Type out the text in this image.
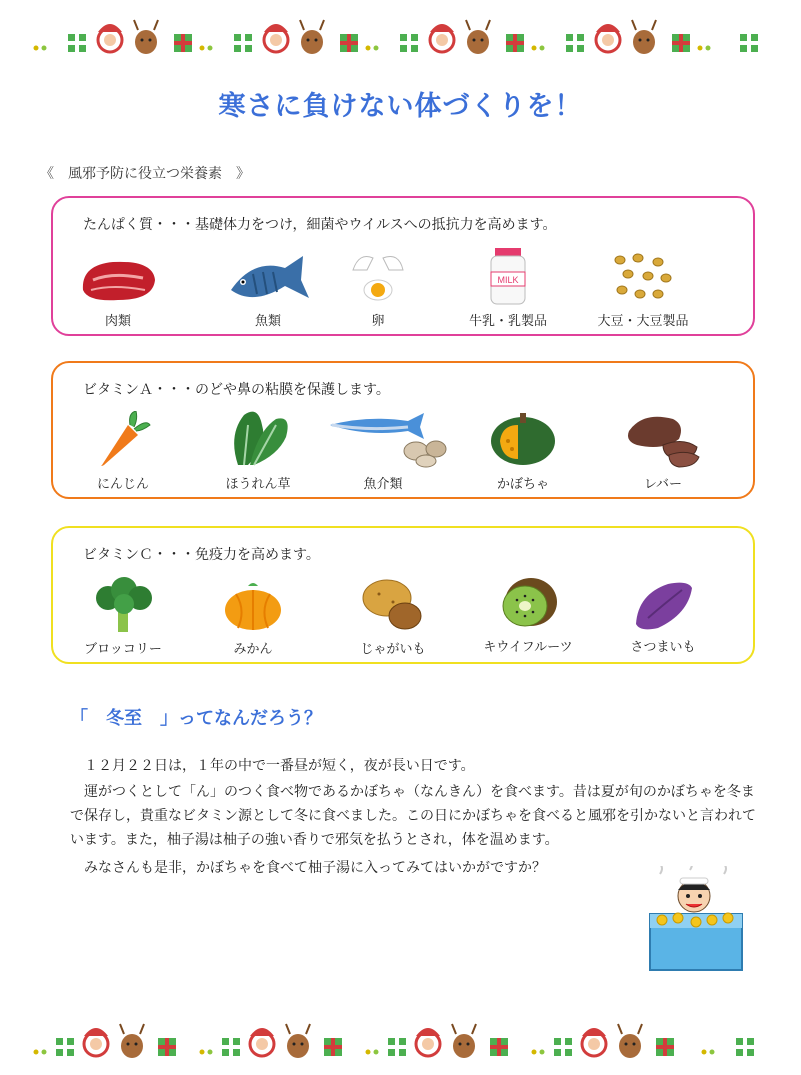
寒さに負けない体づくりを！
《　風邪予防に役立つ栄養素　》
たんぱく質・・・基礎体力をつけ，細菌やウイルスへの抵抗力を高めます。
肉類	魚類	卵
MILK
牛乳・乳製品	大豆・大豆製品
ビタミンＡ・・・のどや鼻の粘膜を保護します。
にんじん	ほうれん草	魚介類	かぼちゃ	レバー
ビタミンＣ・・・免疫力を高めます。
ブロッコリー	みかん	じゃがいも	キウイフルーツ	さつまいも
「　冬至　」ってなんだろう？
　１２月２２日は，１年の中で一番昼が短く，夜が長い日です。
　運がつくとして「ん」のつく食べ物であるかぼちゃ（なんきん）を食べます。昔は夏が旬のかぼちゃを冬まで保存し，貴重なビタミン源として冬に食べました。この日にかぼちゃを食べると風邪を引かないと言われています。また，柚子湯は柚子の強い香りで邪気を払うとされ，体を温めます。
　みなさんも是非，かぼちゃを食べて柚子湯に入ってみてはいかがですか？
